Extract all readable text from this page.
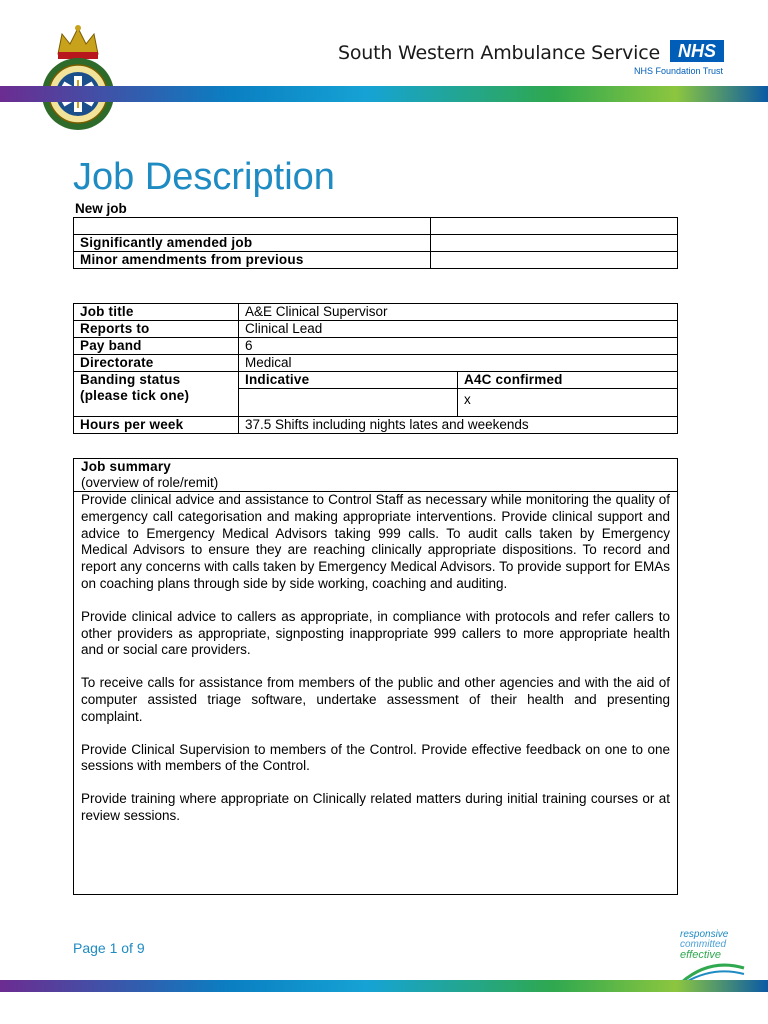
South Western Ambulance Service NHS
NHS Foundation Trust
Job Description
New job

Significantly amended job	
Minor amendments from previous	
Job title	A&E Clinical Supervisor	
Reports to	Clinical Lead	
Pay band	6	
Directorate	Medical	
Banding status
(please tick one)	Indicative	A4C confirmed
		x
Hours per week	37.5 Shifts including nights lates and weekends	
Job summary
(overview of role/remit)

Provide clinical advice and assistance to Control Staff as necessary while monitoring the quality of emergency call categorisation and making appropriate interventions. Provide clinical support and advice to Emergency Medical Advisors taking 999 calls. To audit calls taken by Emergency Medical Advisors to ensure they are reaching clinically appropriate dispositions. To record and report any concerns with calls taken by Emergency Medical Advisors. To provide support for EMAs on coaching plans through side by side working, coaching and auditing.

Provide clinical advice to callers as appropriate, in compliance with protocols and refer callers to other providers as appropriate, signposting inappropriate 999 callers to more appropriate health and or social care providers.

To receive calls for assistance from members of the public and other agencies and with the aid of computer assisted triage software, undertake assessment of their health and presenting complaint.

Provide Clinical Supervision to members of the Control. Provide effective feedback on one to one sessions with members of the Control.

Provide training where appropriate on Clinically related matters during initial training courses or at review sessions.

Page 1 of 9
responsive
committed
effective
